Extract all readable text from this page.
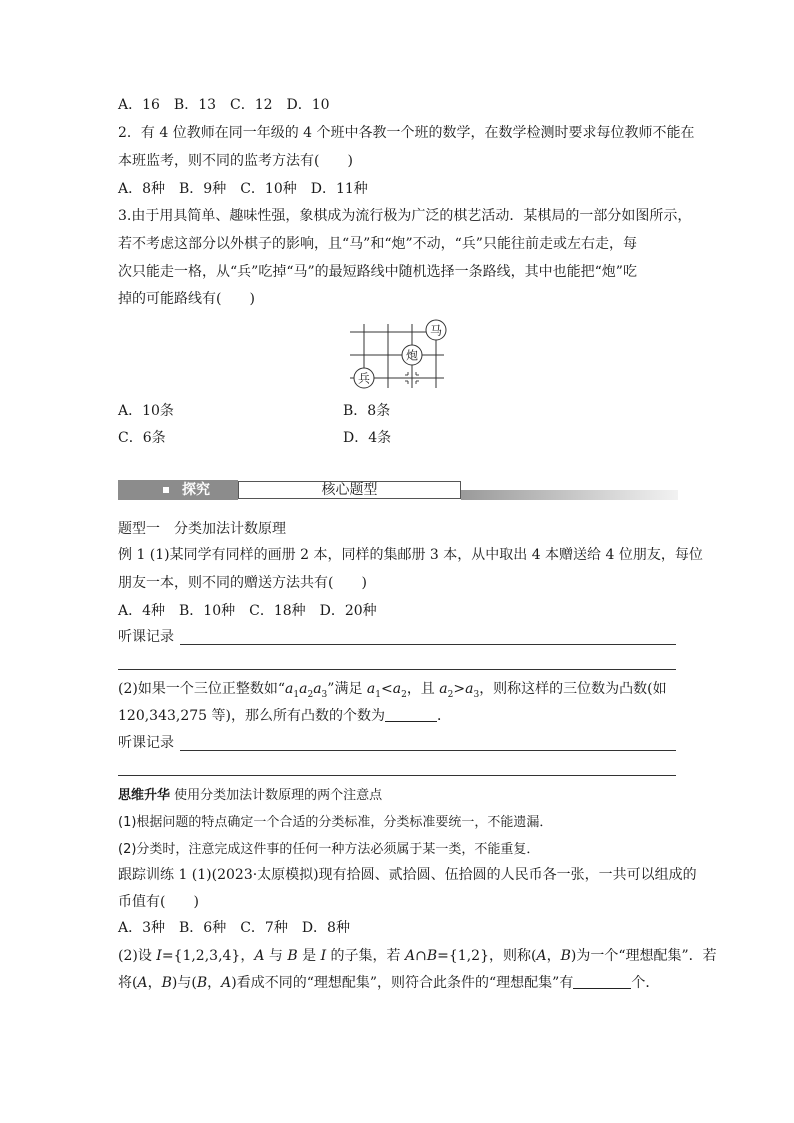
A．16　B．13　C．12　D．10
2．有 4 位教师在同一年级的 4 个班中各教一个班的数学，在数学检测时要求每位教师不能在
本班监考，则不同的监考方法有(　　)
A．8种　B．9种　C．10种　D．11种
3.由于用具简单、趣味性强，象棋成为流行极为广泛的棋艺活动．某棋局的一部分如图所示，
若不考虑这部分以外棋子的影响，且“马”和“炮”不动，“兵”只能往前走或左右走，每
次只能走一格，从“兵”吃掉“马”的最短路线中随机选择一条路线，其中也能把“炮”吃
掉的可能路线有(　　)
马
炮
兵
A．10条	B．8条
C．6条	D．4条
探究	核心题型
题型一　分类加法计数原理
例 1 (1)某同学有同样的画册 2 本，同样的集邮册 3 本，从中取出 4 本赠送给 4 位朋友，每位
朋友一本，则不同的赠送方法共有(　　)
A．4种　B．10种　C．18种　D．20种
听课记录
(2)如果一个三位正整数如“$a_1a_2a_3$”满足 $a_1<a_2$，且 $a_2>a_3$，则称这样的三位数为凸数(如
120,343,275 等)，那么所有凸数的个数为	．
听课记录
思维升华 使用分类加法计数原理的两个注意点
(1)根据问题的特点确定一个合适的分类标准，分类标准要统一，不能遗漏．
(2)分类时，注意完成这件事的任何一种方法必须属于某一类，不能重复．
跟踪训练 1 (1)(2023·太原模拟)现有拾圆、贰拾圆、伍拾圆的人民币各一张，一共可以组成的
币值有(　　)
A．3种　B．6种　C．7种　D．8种
(2)设 I={1,2,3,4}，A 与 B 是 I 的子集，若 A∩B={1,2}，则称(A，B)为一个“理想配集”．若
将(A，B)与(B，A)看成不同的“理想配集”，则符合此条件的“理想配集”有	个．
